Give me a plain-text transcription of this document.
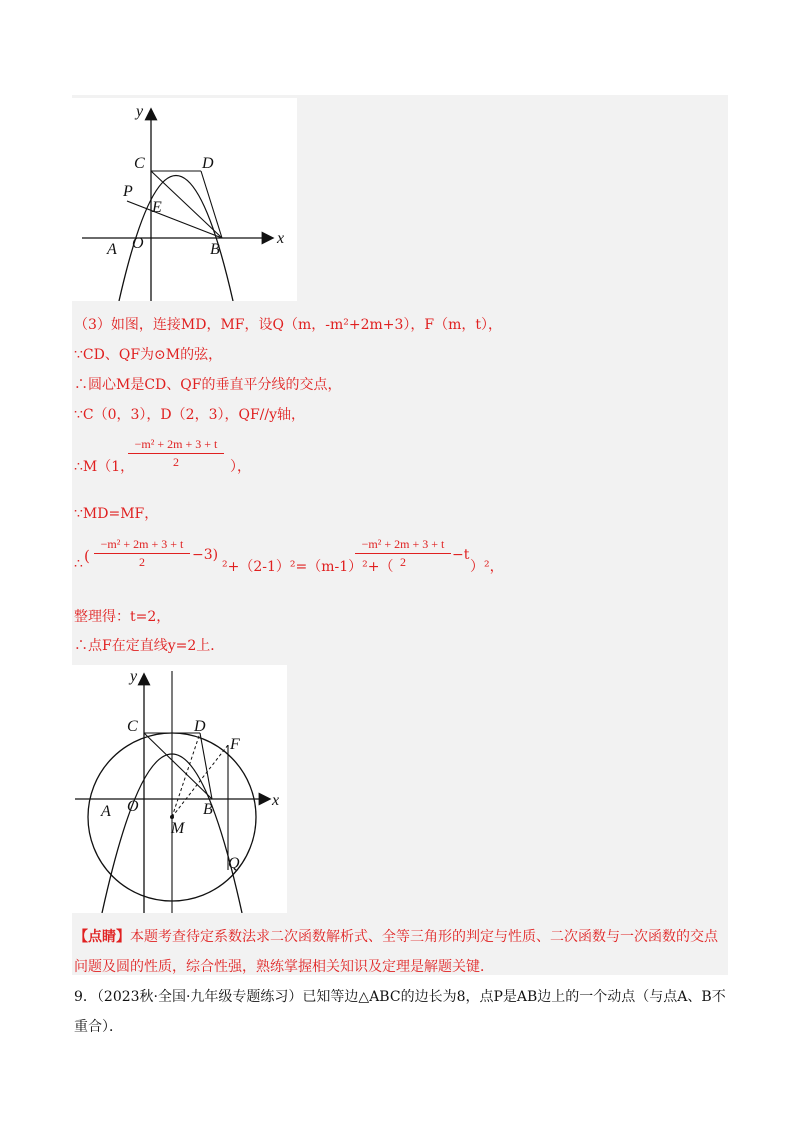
y
x
C	D
P
E
A O	B
（3）如图，连接MD，MF，设Q（m，-m²+2m+3），F（m，t），
∵CD、QF为⊙M的弦，
∴圆心M是CD、QF的垂直平分线的交点，
∵C（0，3），D（2，3），QF//y轴，
∴M（1，
$\frac{\text{−m² + 2m + 3 + t}}{2}$ ），
∵MD=MF，
∴ ( $\frac{\text{−m² + 2m + 3 + t}}{2} -3$)
²+（2-1）²=（m-1）²+（
$\frac{\text{−m² + 2m + 3 + t}}{2} -t$
）²，
整理得：t=2，
∴点F在定直线y=2上．
y
x
C	D
F
A O	B
M
Q
【点睛】本题考查待定系数法求二次函数解析式、全等三角形的判定与性质、二次函数与一次函数的交点问题及圆的性质，综合性强，熟练掌握相关知识及定理是解题关键．
9．（2023秋·全国·九年级专题练习）已知等边△ABC的边长为8，点P是AB边上的一个动点（与点A、B不重合）．
